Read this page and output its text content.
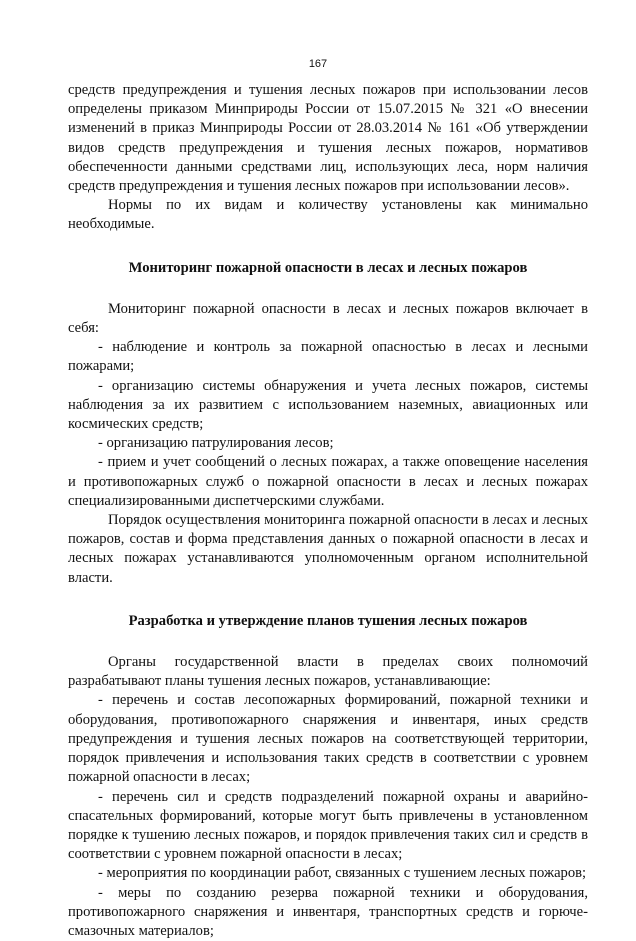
167

средств предупреждения и тушения лесных пожаров при использовании лесов определены приказом Минприроды России от 15.07.2015 № 321 «О внесении изменений в приказ Минприроды России от 28.03.2014 № 161 «Об утверждении видов средств предупреждения и тушения лесных пожаров, нормативов обеспеченности данными средствами лиц, использующих леса, норм наличия средств предупреждения и тушения лесных пожаров при использовании лесов».

Нормы по их видам и количеству установлены как минимально необходимые.

Мониторинг пожарной опасности в лесах и лесных пожаров

Мониторинг пожарной опасности в лесах и лесных пожаров включает в себя:

- наблюдение и контроль за пожарной опасностью в лесах и лесными пожарами;

- организацию системы обнаружения и учета лесных пожаров, системы наблюдения за их развитием с использованием наземных, авиационных или космических средств;

- организацию патрулирования лесов;

- прием и учет сообщений о лесных пожарах, а также оповещение населения и противопожарных служб о пожарной опасности в лесах и лесных пожарах специализированными диспетчерскими службами.

Порядок осуществления мониторинга пожарной опасности в лесах и лесных пожаров, состав и форма представления данных о пожарной опасности в лесах и лесных пожарах устанавливаются уполномоченным органом исполнительной власти.

Разработка и утверждение планов тушения лесных пожаров

Органы государственной власти в пределах своих полномочий разрабатывают планы тушения лесных пожаров, устанавливающие:

- перечень и состав лесопожарных формирований, пожарной техники и оборудования, противопожарного снаряжения и инвентаря, иных средств предупреждения и тушения лесных пожаров на соответствующей территории, порядок привлечения и использования таких средств в соответствии с уровнем пожарной опасности в лесах;

- перечень сил и средств подразделений пожарной охраны и аварийно-спасательных формирований, которые могут быть привлечены в установленном порядке к тушению лесных пожаров, и порядок привлечения таких сил и средств в соответствии с уровнем пожарной опасности в лесах;

- мероприятия по координации работ, связанных с тушением лесных пожаров;

- меры по созданию резерва пожарной техники и оборудования, противопожарного снаряжения и инвентаря, транспортных средств и горюче-смазочных материалов;
